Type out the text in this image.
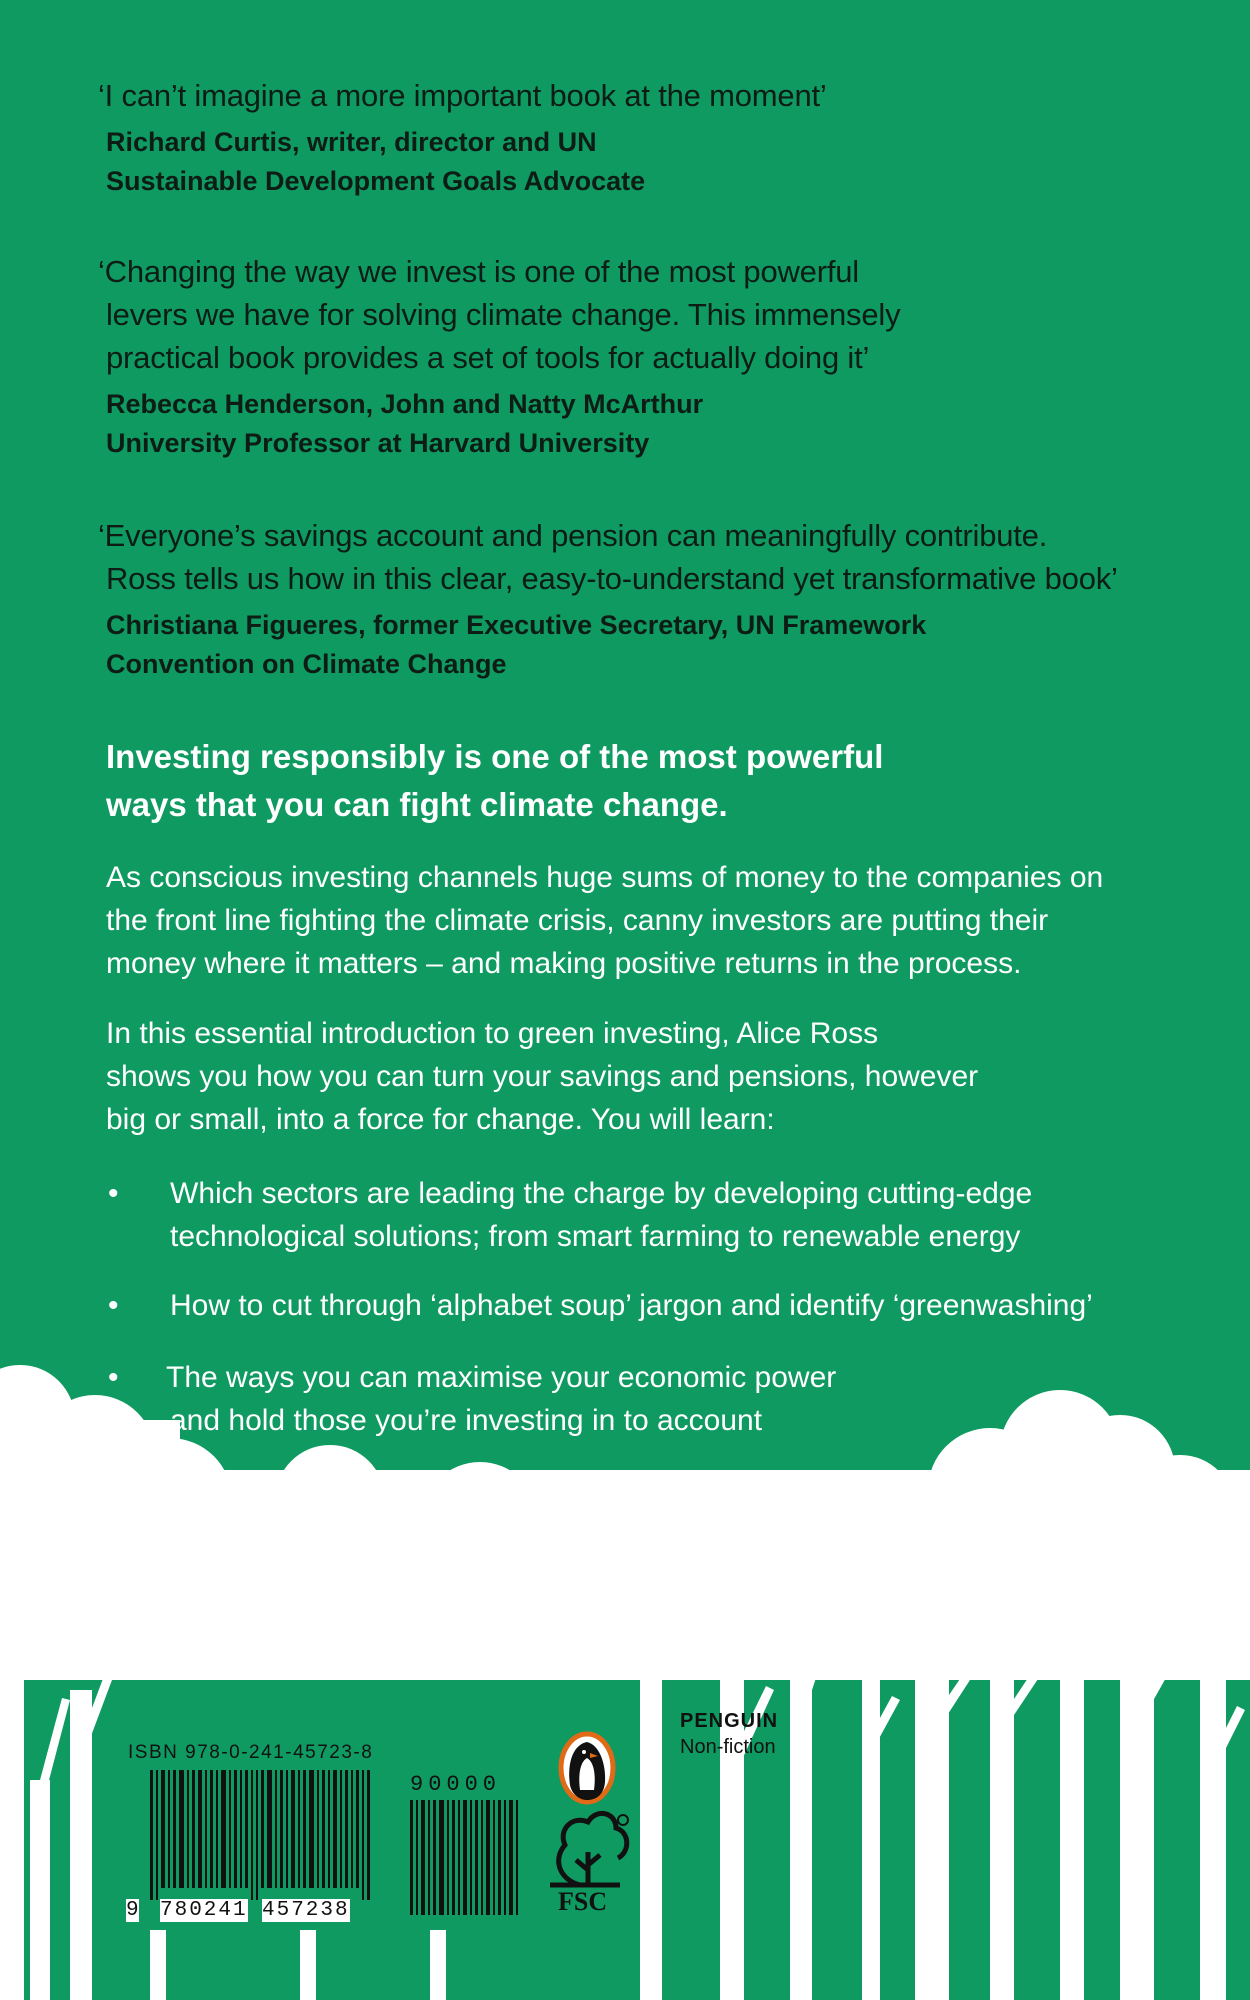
‘I can’t imagine a more important book at the moment’
Richard Curtis, writer, director and UN
Sustainable Development Goals Advocate
‘Changing the way we invest is one of the most powerful
levers we have for solving climate change. This immensely
practical book provides a set of tools for actually doing it’
Rebecca Henderson, John and Natty McArthur
University Professor at Harvard University
‘Everyone’s savings account and pension can meaningfully contribute.
Ross tells us how in this clear, easy-to-understand yet transformative book’
Christiana Figueres, former Executive Secretary, UN Framework
Convention on Climate Change
Investing responsibly is one of the most powerful
ways that you can fight climate change.
As conscious investing channels huge sums of money to the companies on
the front line fighting the climate crisis, canny investors are putting their
money where it matters – and making positive returns in the process.
In this essential introduction to green investing, Alice Ross
shows you how you can turn your savings and pensions, however
big or small, into a force for change. You will learn:
• Which sectors are leading the charge by developing cutting-edge
technological solutions; from smart farming to renewable energy
• How to cut through ‘alphabet soup’ jargon and identify ‘greenwashing’
• The ways you can maximise your economic power
and hold those you’re investing in to account
ISBN 978-0-241-45723-8
90000
9 780241 457238
PENGUIN
Non-fiction
FSC
